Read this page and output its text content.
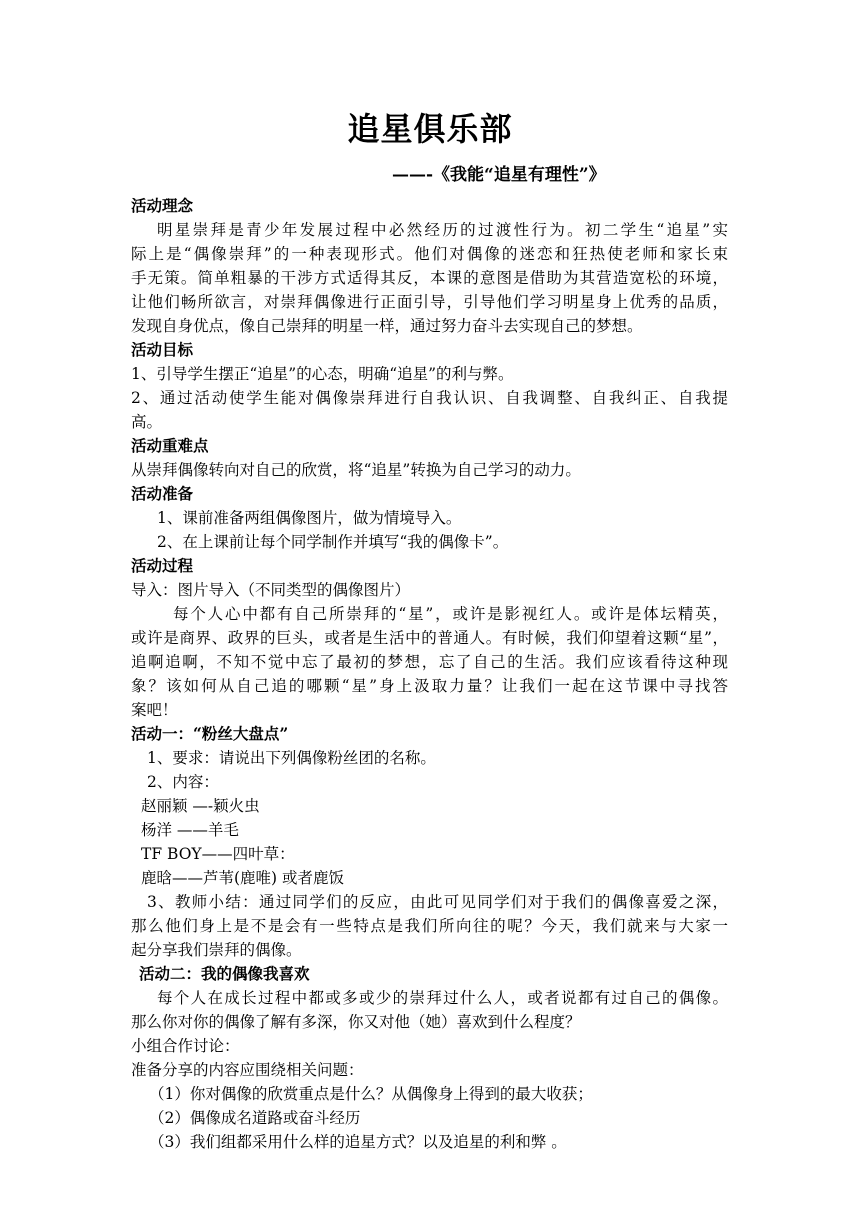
追星俱乐部
——-《我能“追星有理性”》
活动理念
明星崇拜是青少年发展过程中必然经历的过渡性行为。初二学生“追星”实
际上是“偶像崇拜”的一种表现形式。他们对偶像的迷恋和狂热使老师和家长束
手无策。简单粗暴的干涉方式适得其反，本课的意图是借助为其营造宽松的环境，
让他们畅所欲言，对崇拜偶像进行正面引导，引导他们学习明星身上优秀的品质，
发现自身优点，像自己崇拜的明星一样，通过努力奋斗去实现自己的梦想。
活动目标
1、引导学生摆正“追星”的心态，明确“追星”的利与弊。
2、通过活动使学生能对偶像崇拜进行自我认识、自我调整、自我纠正、自我提
高。
活动重难点
从崇拜偶像转向对自己的欣赏，将“追星”转换为自己学习的动力。
活动准备
1、课前准备两组偶像图片，做为情境导入。
2、在上课前让每个同学制作并填写“我的偶像卡”。
活动过程
导入：图片导入（不同类型的偶像图片）
每个人心中都有自己所崇拜的“星”，或许是影视红人。或许是体坛精英，
或许是商界、政界的巨头，或者是生活中的普通人。有时候，我们仰望着这颗“星”，
追啊追啊，不知不觉中忘了最初的梦想，忘了自己的生活。我们应该看待这种现
象？该如何从自己追的哪颗“星”身上汲取力量？让我们一起在这节课中寻找答
案吧！
活动一：“粉丝大盘点”
1、要求：请说出下列偶像粉丝团的名称。
2、内容：
赵丽颖 —-颖火虫
杨洋 ——羊毛
TF BOY——四叶草：
鹿晗——芦苇(鹿唯) 或者鹿饭
3、教师小结：通过同学们的反应，由此可见同学们对于我们的偶像喜爱之深，
那么他们身上是不是会有一些特点是我们所向往的呢？今天，我们就来与大家一
起分享我们崇拜的偶像。
活动二：我的偶像我喜欢
每个人在成长过程中都或多或少的崇拜过什么人，或者说都有过自己的偶像。
那么你对你的偶像了解有多深，你又对他（她）喜欢到什么程度？
小组合作讨论：
准备分享的内容应围绕相关问题：
（1）你对偶像的欣赏重点是什么？从偶像身上得到的最大收获；
（2）偶像成名道路或奋斗经历
（3）我们组都采用什么样的追星方式？以及追星的利和弊 。
